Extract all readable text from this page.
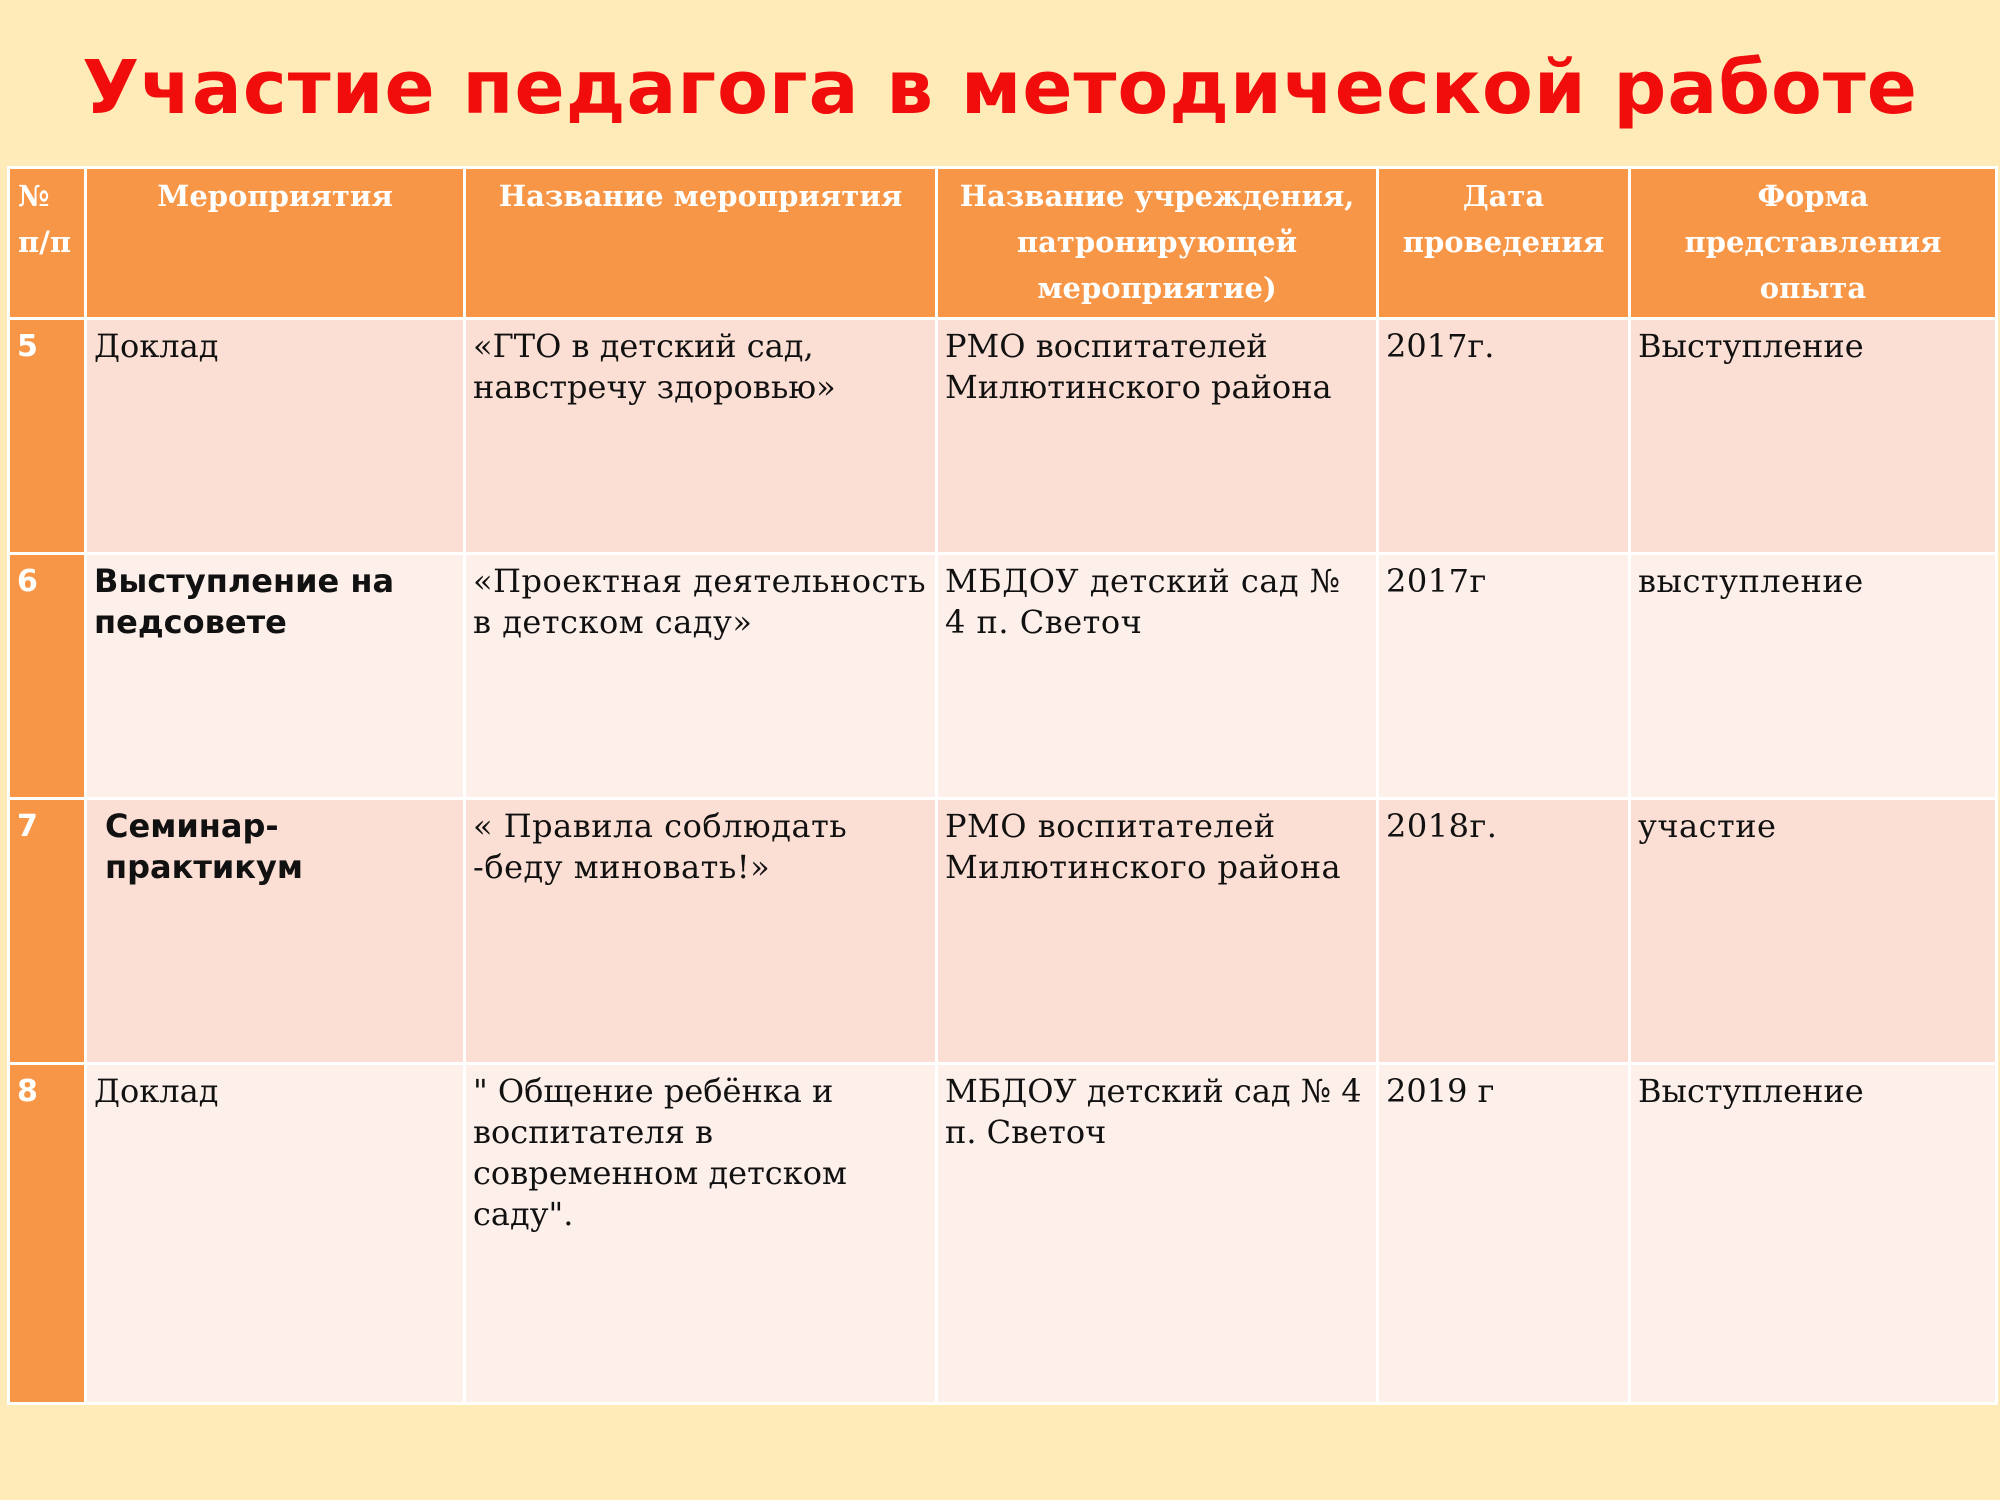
Участие педагога в методической работе
№ п/п	Мероприятия	Название мероприятия	Название учреждения, патронирующей мероприятие)	Дата проведения	Форма представления опыта
5	Доклад	«ГТО в детский сад, навстречу здоровью»	РМО воспитателей Милютинского района	2017г.	Выступление
6	Выступление на педсовете	«Проектная деятельность в детском саду»	МБДОУ детский сад № 4 п. Светоч	2017г	выступление
7	Семинар-практикум	« Правила соблюдать -беду миновать!»	РМО воспитателей Милютинского района	2018г.	участие
8	Доклад	" Общение ребёнка и воспитателя в современном детском саду".	МБДОУ детский сад № 4 п. Светоч	2019 г	Выступление
